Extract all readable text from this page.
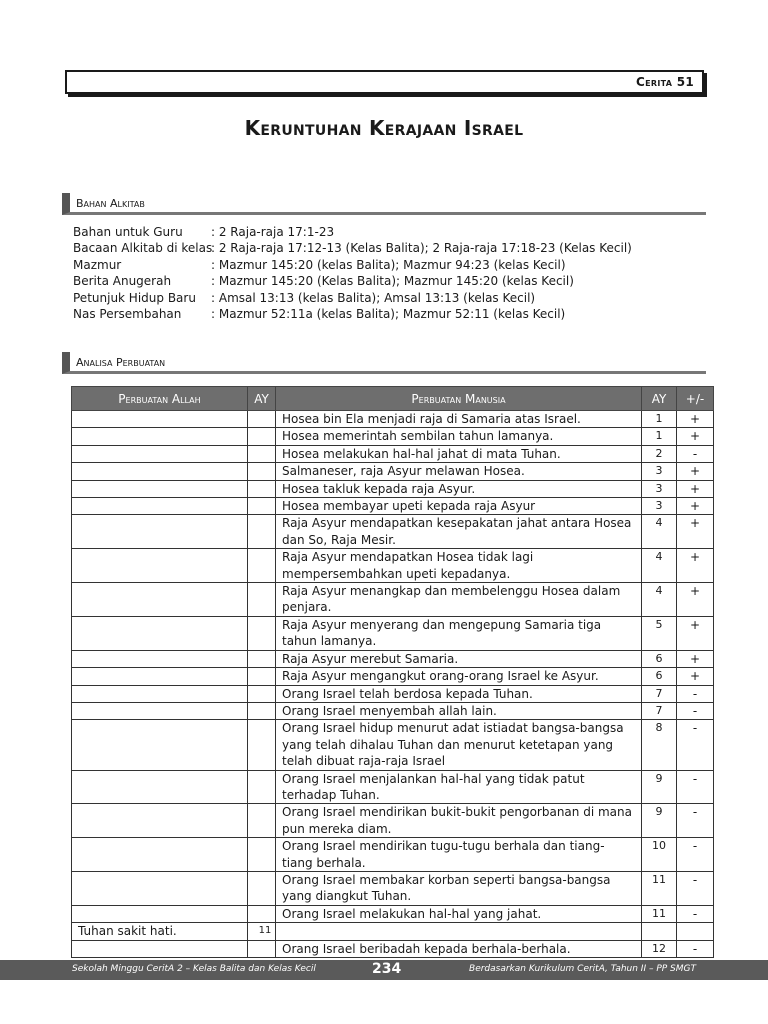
Cerita 51
Keruntuhan Kerajaan Israel
Bahan Alkitab
Bahan untuk Guru	: 2 Raja-raja 17:1-23
Bacaan Alkitab di kelas
: 2 Raja-raja 17:12-13 (Kelas Balita); 2 Raja-raja 17:18-23 (Kelas Kecil)
Mazmur	: Mazmur 145:20 (kelas Balita); Mazmur 94:23 (kelas Kecil)
Berita Anugerah	: Mazmur 145:20 (Kelas Balita); Mazmur 145:20 (kelas Kecil)
Petunjuk Hidup Baru	: Amsal 13:13 (kelas Balita); Amsal 13:13 (kelas Kecil)
Nas Persembahan	: Mazmur 52:11a (kelas Balita); Mazmur 52:11 (kelas Kecil)
Analisa Perbuatan
Perbuatan Allah	AY	Perbuatan Manusia	AY	+/-
		Hosea bin Ela menjadi raja di Samaria atas Israel.	1	+
		Hosea memerintah sembilan tahun lamanya.	1	+
		Hosea melakukan hal-hal jahat di mata Tuhan.	2	-
		Salmaneser, raja Asyur melawan Hosea.	3	+
		Hosea takluk kepada raja Asyur.	3	+
		Hosea membayar upeti kepada raja Asyur	3	+
		Raja Asyur mendapatkan kesepakatan jahat antara Hosea dan So, Raja Mesir.	4	+
		Raja Asyur mendapatkan Hosea tidak lagi mempersembahkan upeti kepadanya.	4	+
		Raja Asyur menangkap dan membelenggu Hosea dalam penjara.	4	+
		Raja Asyur menyerang dan mengepung Samaria tiga tahun lamanya.	5	+
		Raja Asyur merebut Samaria.	6	+
		Raja Asyur mengangkut orang-orang Israel ke Asyur.	6	+
		Orang Israel telah berdosa kepada Tuhan.	7	-
		Orang Israel menyembah allah lain.	7	-
		Orang Israel hidup menurut adat istiadat bangsa-bangsa yang telah dihalau Tuhan dan menurut ketetapan yang telah dibuat raja-raja Israel	8	-
		Orang Israel menjalankan hal-hal yang tidak patut terhadap Tuhan.	9	-
		Orang Israel mendirikan bukit-bukit pengorbanan di mana pun mereka diam.	9	-
		Orang Israel mendirikan tugu-tugu berhala dan tiang-tiang berhala.	10	-
		Orang Israel membakar korban seperti bangsa-bangsa yang diangkut Tuhan.	11	-
		Orang Israel melakukan hal-hal yang jahat.	11	-
Tuhan sakit hati.	11			
		Orang Israel beribadah kepada berhala-berhala.	12	-
Sekolah Minggu CeritA 2 – Kelas Balita dan Kelas Kecil	234	Berdasarkan Kurikulum CeritA, Tahun II – PP SMGT
